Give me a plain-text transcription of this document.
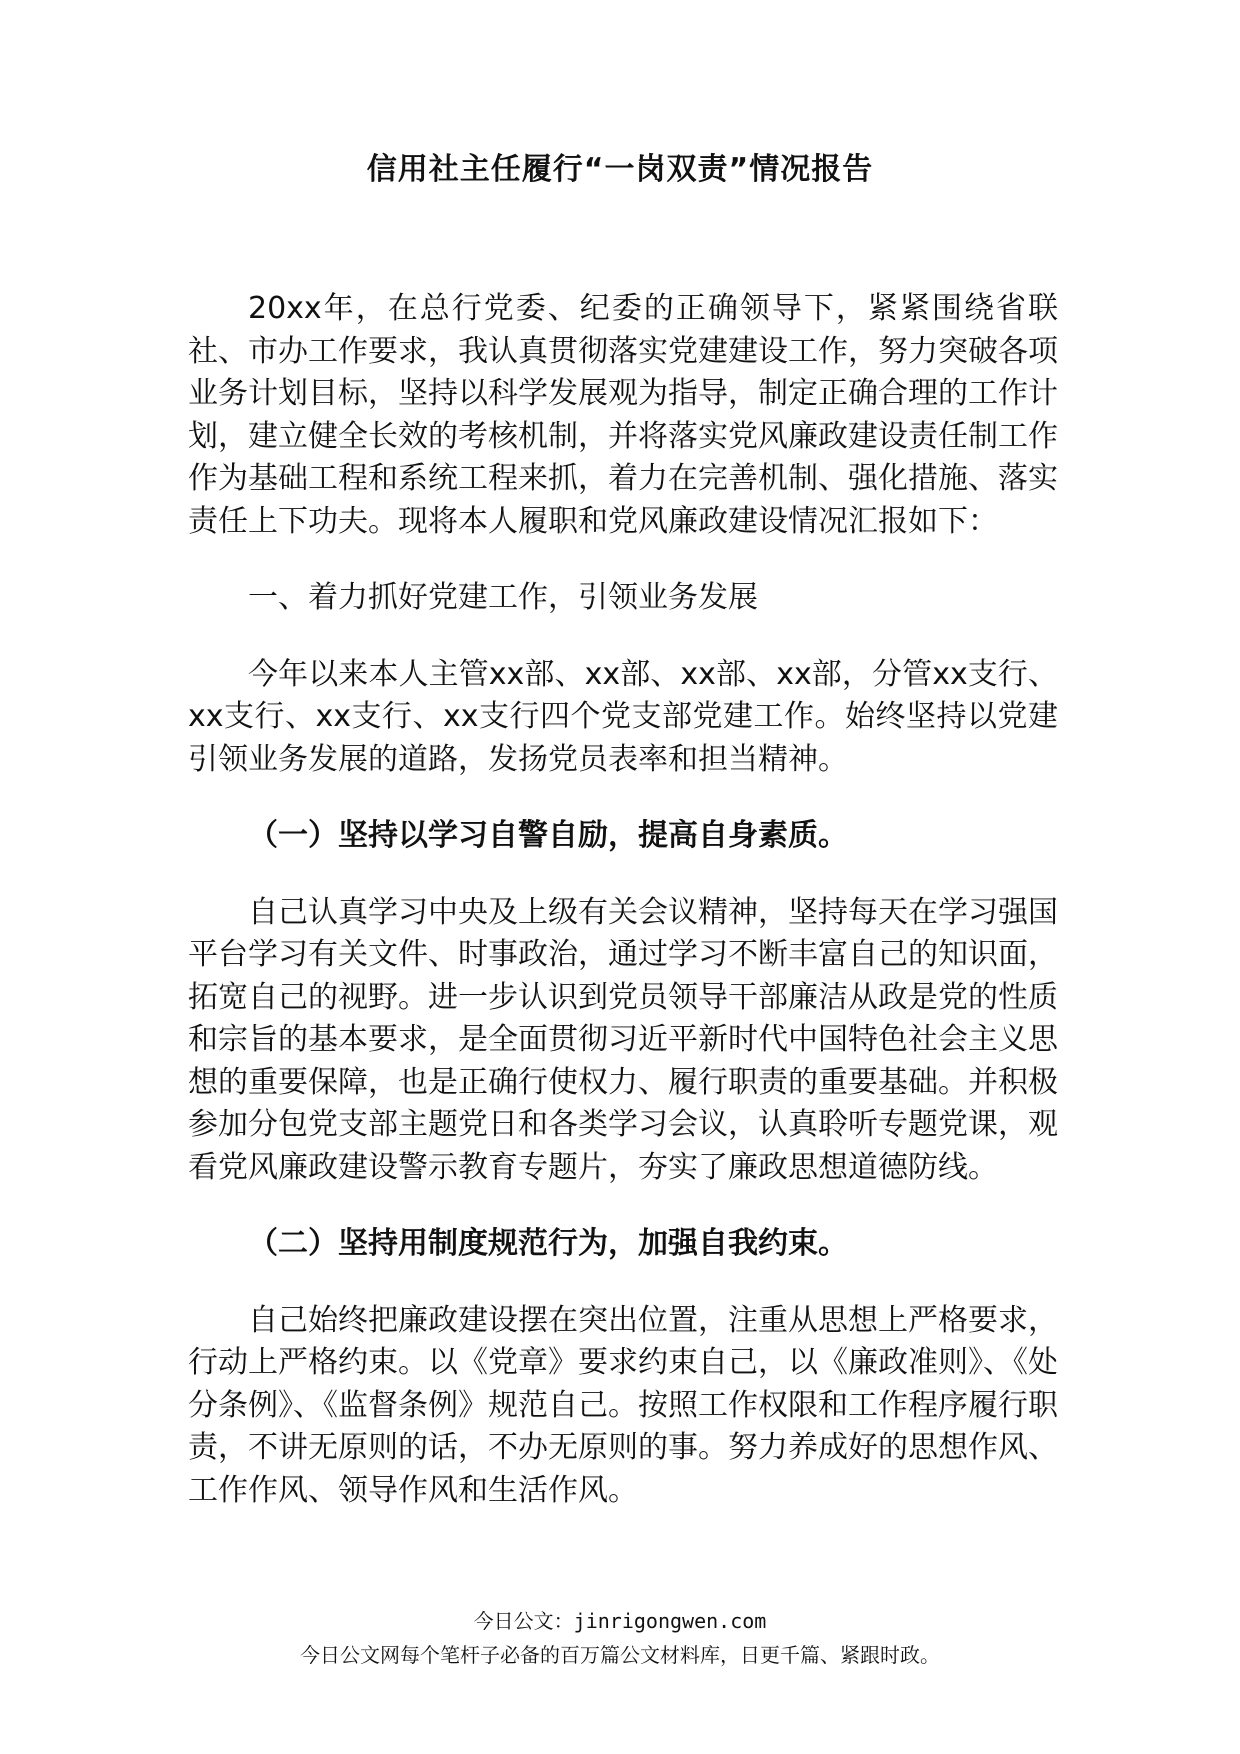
信用社主任履行“一岗双责”情况报告

20xx年，在总行党委、纪委的正确领导下，紧紧围绕省联社、市办工作要求，我认真贯彻落实党建建设工作，努力突破各项业务计划目标，坚持以科学发展观为指导，制定正确合理的工作计划，建立健全长效的考核机制，并将落实党风廉政建设责任制工作作为基础工程和系统工程来抓，着力在完善机制、强化措施、落实责任上下功夫。现将本人履职和党风廉政建设情况汇报如下：

一、着力抓好党建工作，引领业务发展

今年以来本人主管xx部、xx部、xx部、xx部，分管xx支行、xx支行、xx支行、xx支行四个党支部党建工作。始终坚持以党建引领业务发展的道路，发扬党员表率和担当精神。

（一）坚持以学习自警自励，提高自身素质。

自己认真学习中央及上级有关会议精神，坚持每天在学习强国平台学习有关文件、时事政治，通过学习不断丰富自己的知识面，拓宽自己的视野。进一步认识到党员领导干部廉洁从政是党的性质和宗旨的基本要求，是全面贯彻习近平新时代中国特色社会主义思想的重要保障，也是正确行使权力、履行职责的重要基础。并积极参加分包党支部主题党日和各类学习会议，认真聆听专题党课，观看党风廉政建设警示教育专题片，夯实了廉政思想道德防线。

（二）坚持用制度规范行为，加强自我约束。

自己始终把廉政建设摆在突出位置，注重从思想上严格要求，行动上严格约束。以《党章》要求约束自己，以《廉政准则》、《处分条例》、《监督条例》规范自己。按照工作权限和工作程序履行职责，不讲无原则的话，不办无原则的事。努力养成好的思想作风、工作作风、领导作风和生活作风。

今日公文：jinrigongwen.com
今日公文网每个笔杆子必备的百万篇公文材料库，日更千篇、紧跟时政。
